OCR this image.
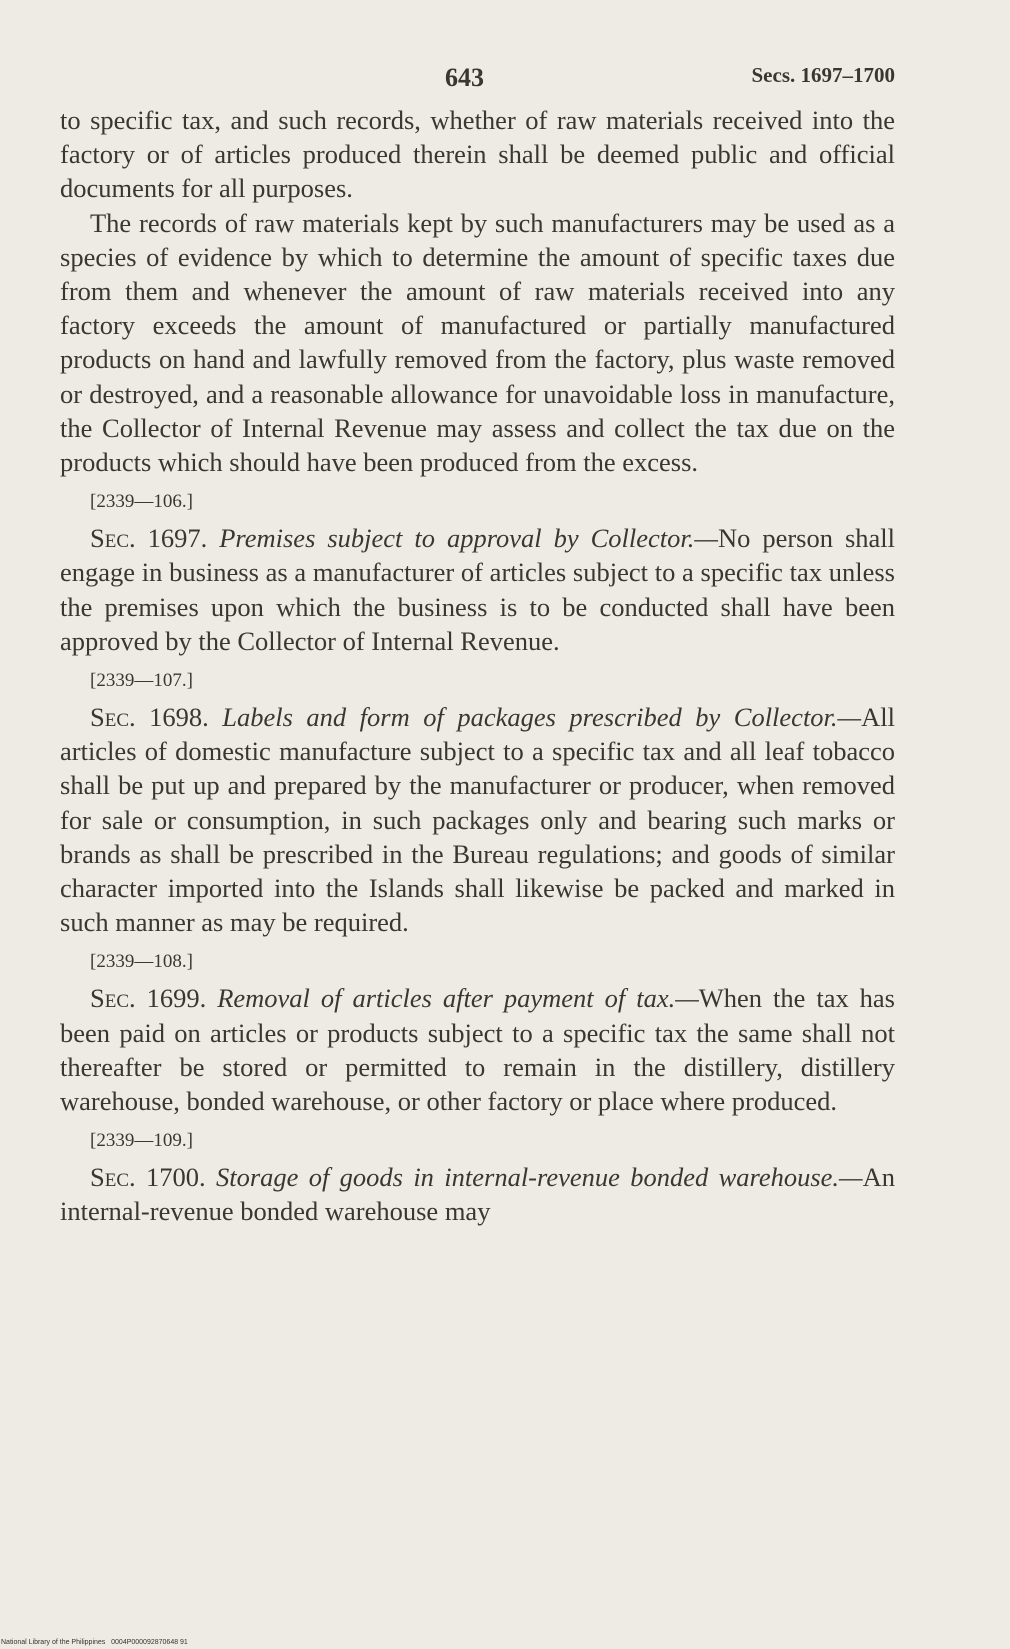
643	Secs. 1697–1700

to specific tax, and such records, whether of raw materials received into the factory or of articles produced therein shall be deemed public and official documents for all purposes.

The records of raw materials kept by such manufacturers may be used as a species of evidence by which to determine the amount of specific taxes due from them and whenever the amount of raw materials received into any factory exceeds the amount of manufactured or partially manufactured products on hand and lawfully removed from the factory, plus waste removed or destroyed, and a reasonable allowance for unavoidable loss in manufacture, the Collector of Internal Revenue may assess and collect the tax due on the products which should have been produced from the excess.

[2339—106.]

Sec. 1697. Premises subject to approval by Collector.—No person shall engage in business as a manufacturer of articles subject to a specific tax unless the premises upon which the business is to be conducted shall have been approved by the Collector of Internal Revenue.

[2339—107.]

Sec. 1698. Labels and form of packages prescribed by Collector.—All articles of domestic manufacture subject to a specific tax and all leaf tobacco shall be put up and prepared by the manufacturer or producer, when removed for sale or consumption, in such packages only and bearing such marks or brands as shall be prescribed in the Bureau regulations; and goods of similar character imported into the Islands shall likewise be packed and marked in such manner as may be required.

[2339—108.]

Sec. 1699. Removal of articles after payment of tax.—When the tax has been paid on articles or products subject to a specific tax the same shall not thereafter be stored or permitted to remain in the distillery, distillery warehouse, bonded warehouse, or other factory or place where produced.

[2339—109.]

Sec. 1700. Storage of goods in internal-revenue bonded warehouse.—An internal-revenue bonded warehouse may

National Library of the Philippines 0004P000092870648 91
